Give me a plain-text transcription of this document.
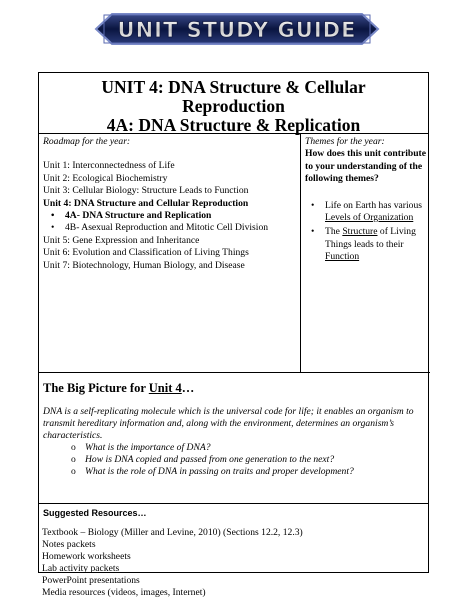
UNIT STUDY GUIDE

UNIT 4: DNA Structure & Cellular

Reproduction

4A: DNA Structure & Replication

Roadmap for the year:
Unit 1: Interconnectedness of Life
Unit 2: Ecological Biochemistry
Unit 3: Cellular Biology: Structure Leads to Function
Unit 4: DNA Structure and Cellular Reproduction
• 4A- DNA Structure and Replication
• 4B- Asexual Reproduction and Mitotic Cell Division
Unit 5: Gene Expression and Inheritance
Unit 6: Evolution and Classification of Living Things
Unit 7: Biotechnology, Human Biology, and Disease
Themes for the year:
How does this unit contribute to your understanding of the following themes?
• Life on Earth has various Levels of Organization
• The Structure of Living Things leads to their Function
The Big Picture for Unit 4…
DNA is a self-replicating molecule which is the universal code for life; it enables an organism to transmit hereditary information and, along with the environment, determines an organism’s characteristics.
o What is the importance of DNA?
o How is DNA copied and passed from one generation to the next?
o What is the role of DNA in passing on traits and proper development?
Suggested Resources…
Textbook – Biology (Miller and Levine, 2010) (Sections 12.2, 12.3)
Notes packets
Homework worksheets
Lab activity packets
PowerPoint presentations
Media resources (videos, images, Internet)
